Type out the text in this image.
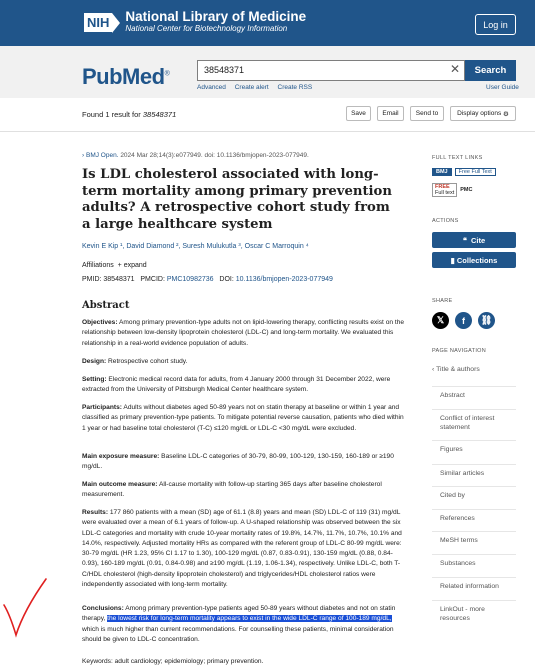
NIH National Library of Medicine
National Center for Biotechnology Information	Log in
PubMed®	38548371	✕	Search
Advanced Create alert Create RSS	User Guide
Found 1 result for 38548371	Save	Email	Send to	Display options
⚙
› BMJ Open. 2024 Mar 28;14(3):e077949. doi: 10.1136/bmjopen-2023-077949.
Is LDL cholesterol associated with long-term mortality among primary prevention adults? A retrospective cohort study from a large healthcare system
Kevin E Kip ¹, David Diamond ², Suresh Mulukutla ³, Oscar C Marroquin ⁴
Affiliations + expand
PMID: 38548371 PMCID: PMC10982736 DOI: 10.1136/bmjopen-2023-077949
Abstract

Objectives: Among primary prevention-type adults not on lipid-lowering therapy, conflicting results exist on the relationship between low-density lipoprotein cholesterol (LDL-C) and long-term mortality. We evaluated this relationship in a real-world evidence population of adults.

Design: Retrospective cohort study.

Setting: Electronic medical record data for adults, from 4 January 2000 through 31 December 2022, were extracted from the University of Pittsburgh Medical Center healthcare system.

Participants: Adults without diabetes aged 50-89 years not on statin therapy at baseline or within 1 year and classified as primary prevention-type patients. To mitigate potential reverse causation, patients who died within 1 year or had baseline total cholesterol (T-C) ≤120 mg/dL or LDL-C <30 mg/dL were excluded.

Main exposure measure: Baseline LDL-C categories of 30-79, 80-99, 100-129, 130-159, 160-189 or ≥190 mg/dL.

Main outcome measure: All-cause mortality with follow-up starting 365 days after baseline cholesterol measurement.

Results: 177 860 patients with a mean (SD) age of 61.1 (8.8) years and mean (SD) LDL-C of 119 (31) mg/dL were evaluated over a mean of 6.1 years of follow-up. A U-shaped relationship was observed between the six LDL-C categories and mortality with crude 10-year mortality rates of 19.8%, 14.7%, 11.7%, 10.7%, 10.1% and 14.0%, respectively. Adjusted mortality HRs as compared with the referent group of LDL-C 80-99 mg/dL were: 30-79 mg/dL (HR 1.23, 95% CI 1.17 to 1.30), 100-129 mg/dL (0.87, 0.83-0.91), 130-159 mg/dL (0.88, 0.84-0.93), 160-189 mg/dL (0.91, 0.84-0.98) and ≥190 mg/dL (1.19, 1.06-1.34), respectively. Unlike LDL-C, both T-C/HDL cholesterol (high-density lipoprotein cholesterol) and triglycerides/HDL cholesterol ratios were independently associated with long-term mortality.

Conclusions: Among primary prevention-type patients aged 50-89 years without diabetes and not on statin therapy, the lowest risk for long-term mortality appears to exist in the wide LDL-C range of 100-189 mg/dL, which is much higher than current recommendations. For counselling these patients, minimal consideration should be given to LDL-C concentration.

Keywords: adult cardiology; epidemiology; primary prevention.

FULL TEXT LINKS
BMJ	Free Full Text
FREE
Full text	PMC
ACTIONS
❝ Cite
▮ Collections
SHARE
𝕏	f	⛓
PAGE NAVIGATION
‹ Title & authors
Abstract
Conflict of interest statement
Figures
Similar articles
Cited by
References
MeSH terms
Substances
Related information
LinkOut - more resources
